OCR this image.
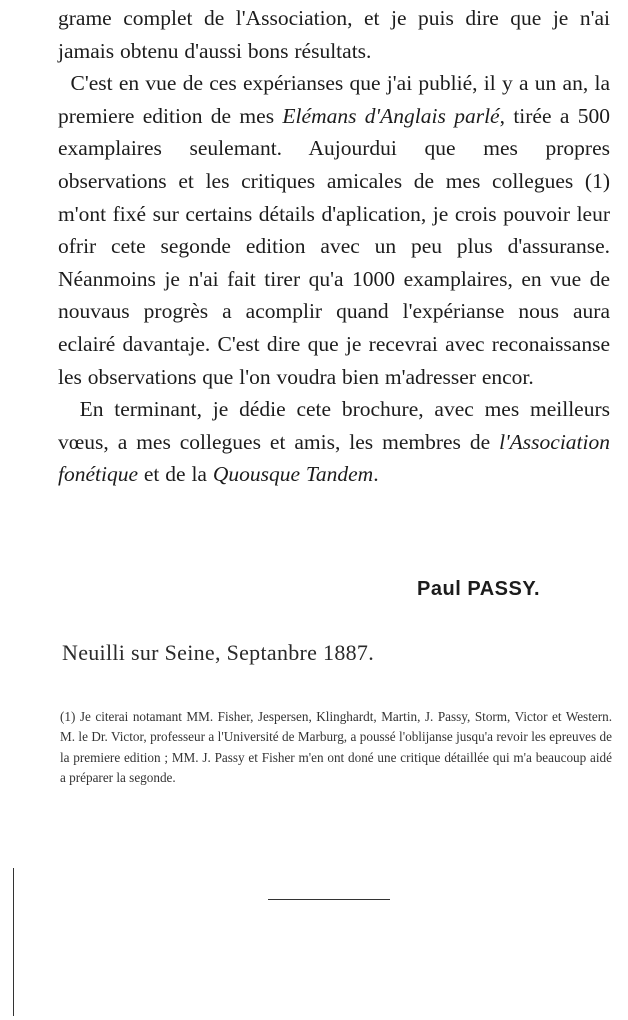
grame complet de l'Association, et je puis dire que je n'ai jamais obtenu d'aussi bons résultats.

C'est en vue de ces expérianses que j'ai publié, il y a un an, la premiere edition de mes Elémans d'Anglais parlé, tirée a 500 examplaires seulemant. Aujourdui que mes propres observations et les critiques amicales de mes collegues (1) m'ont fixé sur certains détails d'aplication, je crois pouvoir leur ofrir cete segonde edition avec un peu plus d'assuranse. Néanmoins je n'ai fait tirer qu'a 1000 examplaires, en vue de nouvaus progrès a acomplir quand l'expérianse nous aura eclairé davantaje. C'est dire que je recevrai avec reconaissanse les observations que l'on voudra bien m'adresser encor.

En terminant, je dédie cete brochure, avec mes meilleurs vœus, a mes collegues et amis, les membres de l'Association fonétique et de la Quousque Tandem.

Paul PASSY.
Neuilli sur Seine, Septanbre 1887.

(1) Je citerai notamant MM. Fisher, Jespersen, Klinghardt, Martin, J. Passy, Storm, Victor et Western. M. le Dr. Victor, professeur a l'Université de Marburg, a poussé l'oblijanse jusqu'a revoir les epreuves de la premiere edition ; MM. J. Passy et Fisher m'en ont doné une critique détaillée qui m'a beaucoup aidé a préparer la segonde.
